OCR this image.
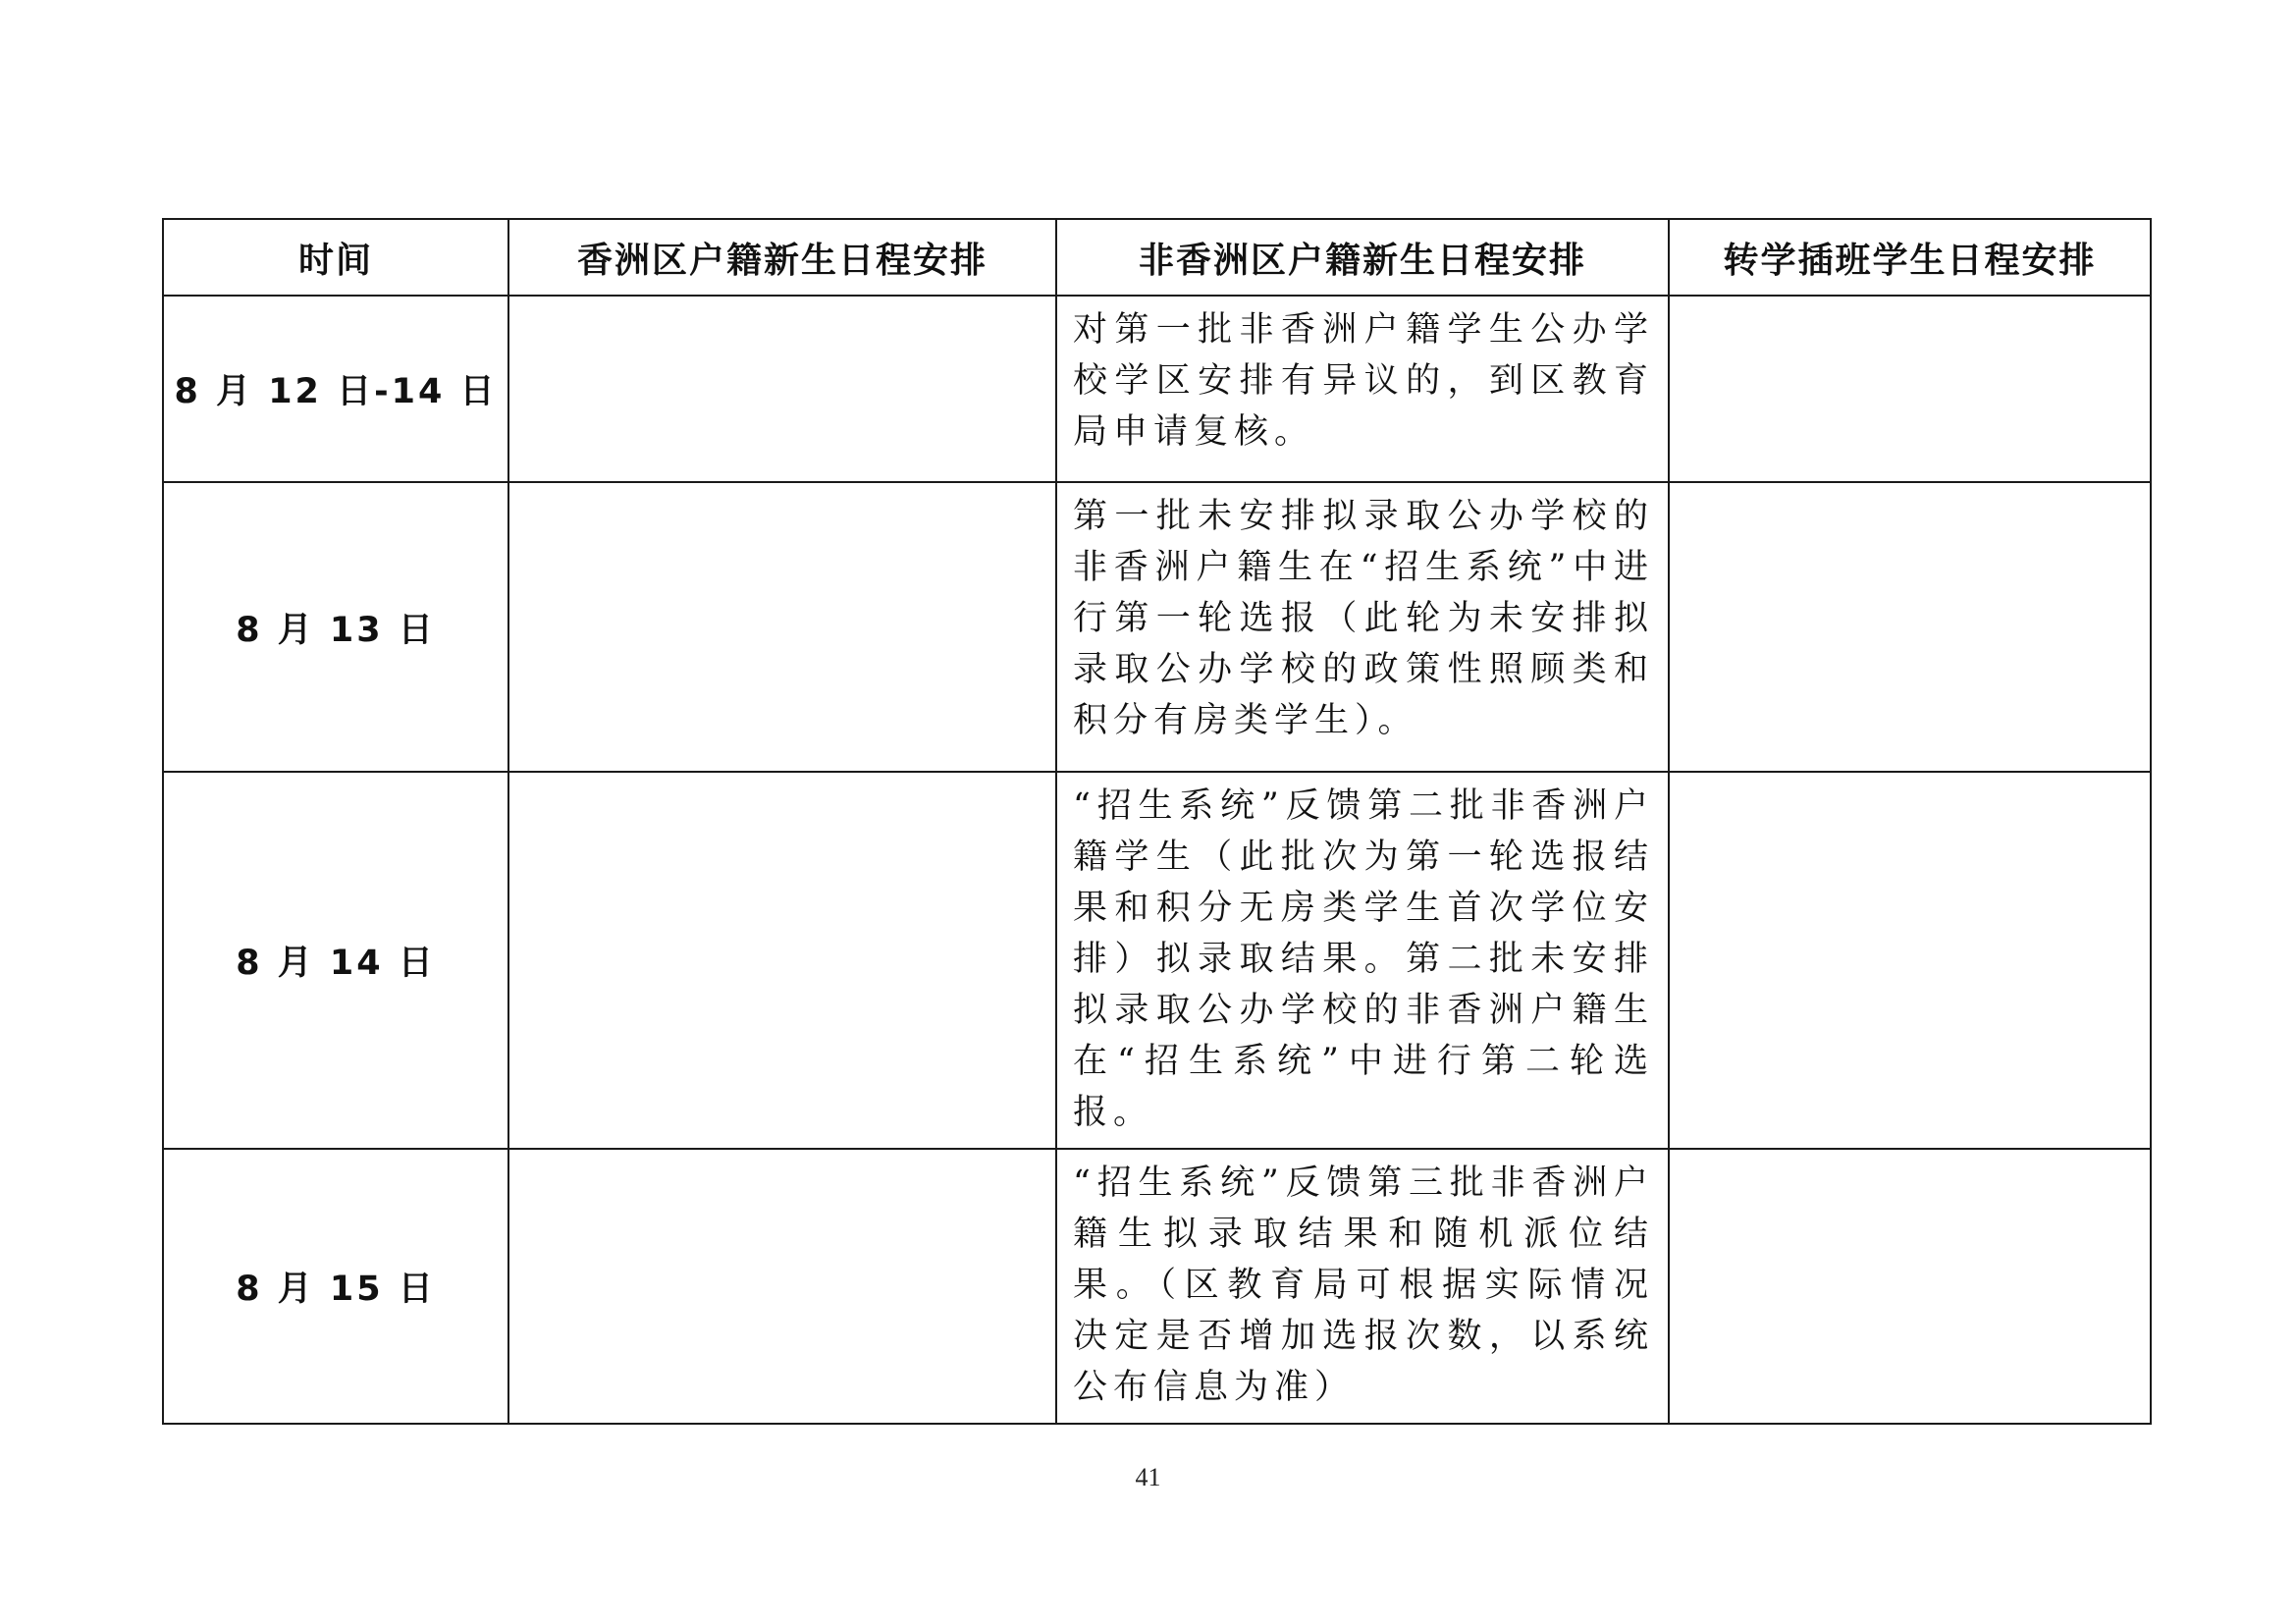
时间	香洲区户籍新生日程安排	非香洲区户籍新生日程安排	转学插班学生日程安排
8 月 12 日-14 日		对第一批非香洲户籍学生公办学校学区安排有异议的，到区教育局申请复核。	
8 月 13 日		第一批未安排拟录取公办学校的非香洲户籍生在“招生系统”中进行第一轮选报（此轮为未安排拟录取公办学校的政策性照顾类和积分有房类学生）。	
8 月 14 日		“招生系统”反馈第二批非香洲户籍学生（此批次为第一轮选报结果和积分无房类学生首次学位安排）拟录取结果。第二批未安排拟录取公办学校的非香洲户籍生在“招生系统”中进行第二轮选报。	
8 月 15 日		“招生系统”反馈第三批非香洲户籍生拟录取结果和随机派位结果。（区教育局可根据实际情况决定是否增加选报次数，以系统公布信息为准）	
41
